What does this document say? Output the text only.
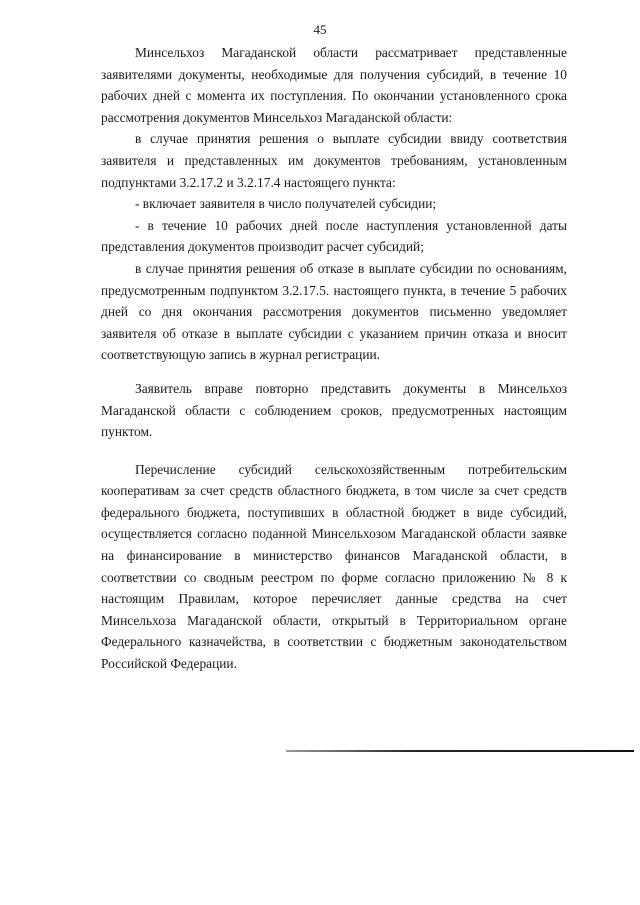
45

Минсельхоз Магаданской области рассматривает представленные заявителями документы, необходимые для получения субсидий, в течение 10 рабочих дней с момента их поступления. По окончании установленного срока рассмотрения документов Минсельхоз Магаданской области:

в случае принятия решения о выплате субсидии ввиду соответствия заявителя и представленных им документов требованиям, установленным подпунктами 3.2.17.2 и 3.2.17.4 настоящего пункта:

- включает заявителя в число получателей субсидии;

- в течение 10 рабочих дней после наступления установленной даты представления документов производит расчет субсидий;

в случае принятия решения об отказе в выплате субсидии по основаниям, предусмотренным подпунктом 3.2.17.5. настоящего пункта, в течение 5 рабочих дней со дня окончания рассмотрения документов письменно уведомляет заявителя об отказе в выплате субсидии с указанием причин отказа и вносит соответствующую запись в журнал регистрации.

Заявитель вправе повторно представить документы в Минсельхоз Магаданской области с соблюдением сроков, предусмотренных настоящим пунктом.

Перечисление субсидий сельскохозяйственным потребительским кооперативам за счет средств областного бюджета, в том числе за счет средств федерального бюджета, поступивших в областной бюджет в виде субсидий, осуществляется согласно поданной Минсельхозом Магаданской области заявке на финансирование в министерство финансов Магаданской области, в соответствии со сводным реестром по форме согласно приложению № 8 к настоящим Правилам, которое перечисляет данные средства на счет Минсельхоза Магаданской области, открытый в Территориальном органе Федерального казначейства, в соответствии с бюджетным законодательством Российской Федерации.
